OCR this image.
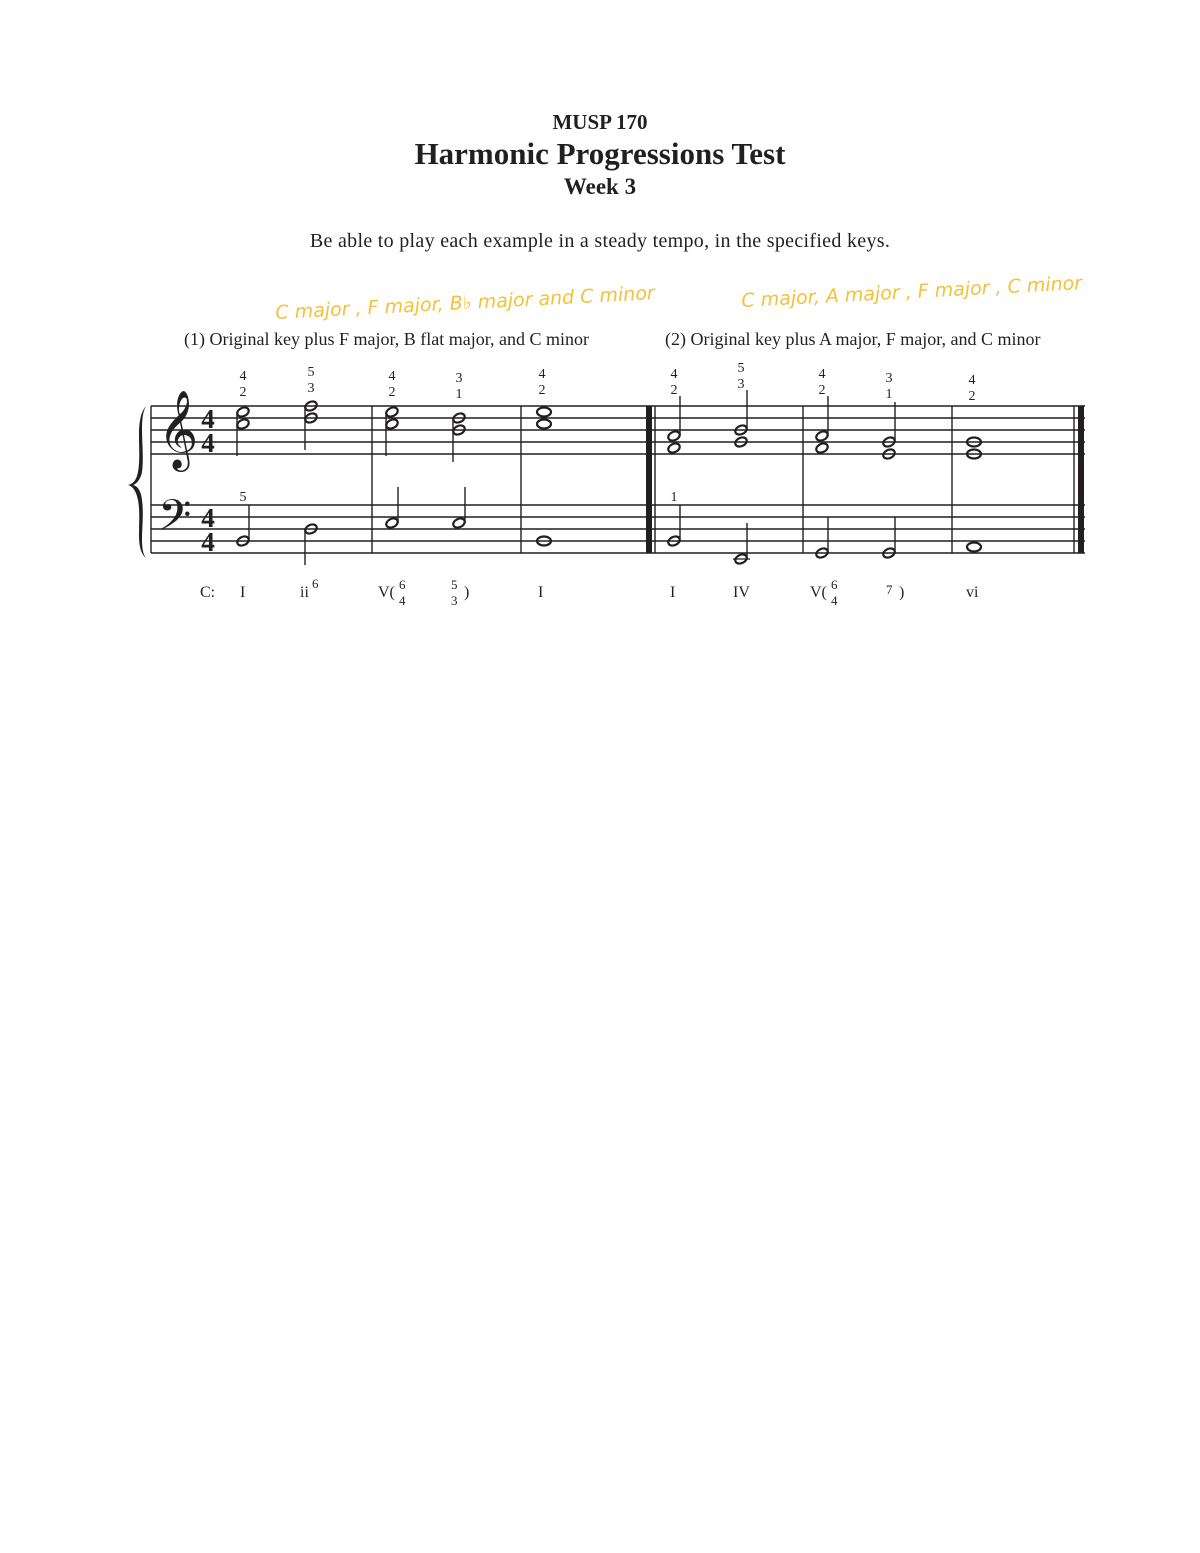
MUSP 170
Harmonic Progressions Test
Week 3
Be able to play each example in a steady tempo, in the specified keys.
C major , F major, B♭ major and C minor	C major, A major , F major , C minor
(1) Original key plus F major, B flat major, and C minor	(2) Original key plus A major, F major, and C minor
𝄞
𝄢
4
4
4
4
4
2
5
3
4
2
3
1
4
2
5
4
2
5
3
4
2
3
1
4
2
1
C: I	ii
6
V( 6
4
5
3 )	I	I	IV	V( 6
4
7 )	vi
